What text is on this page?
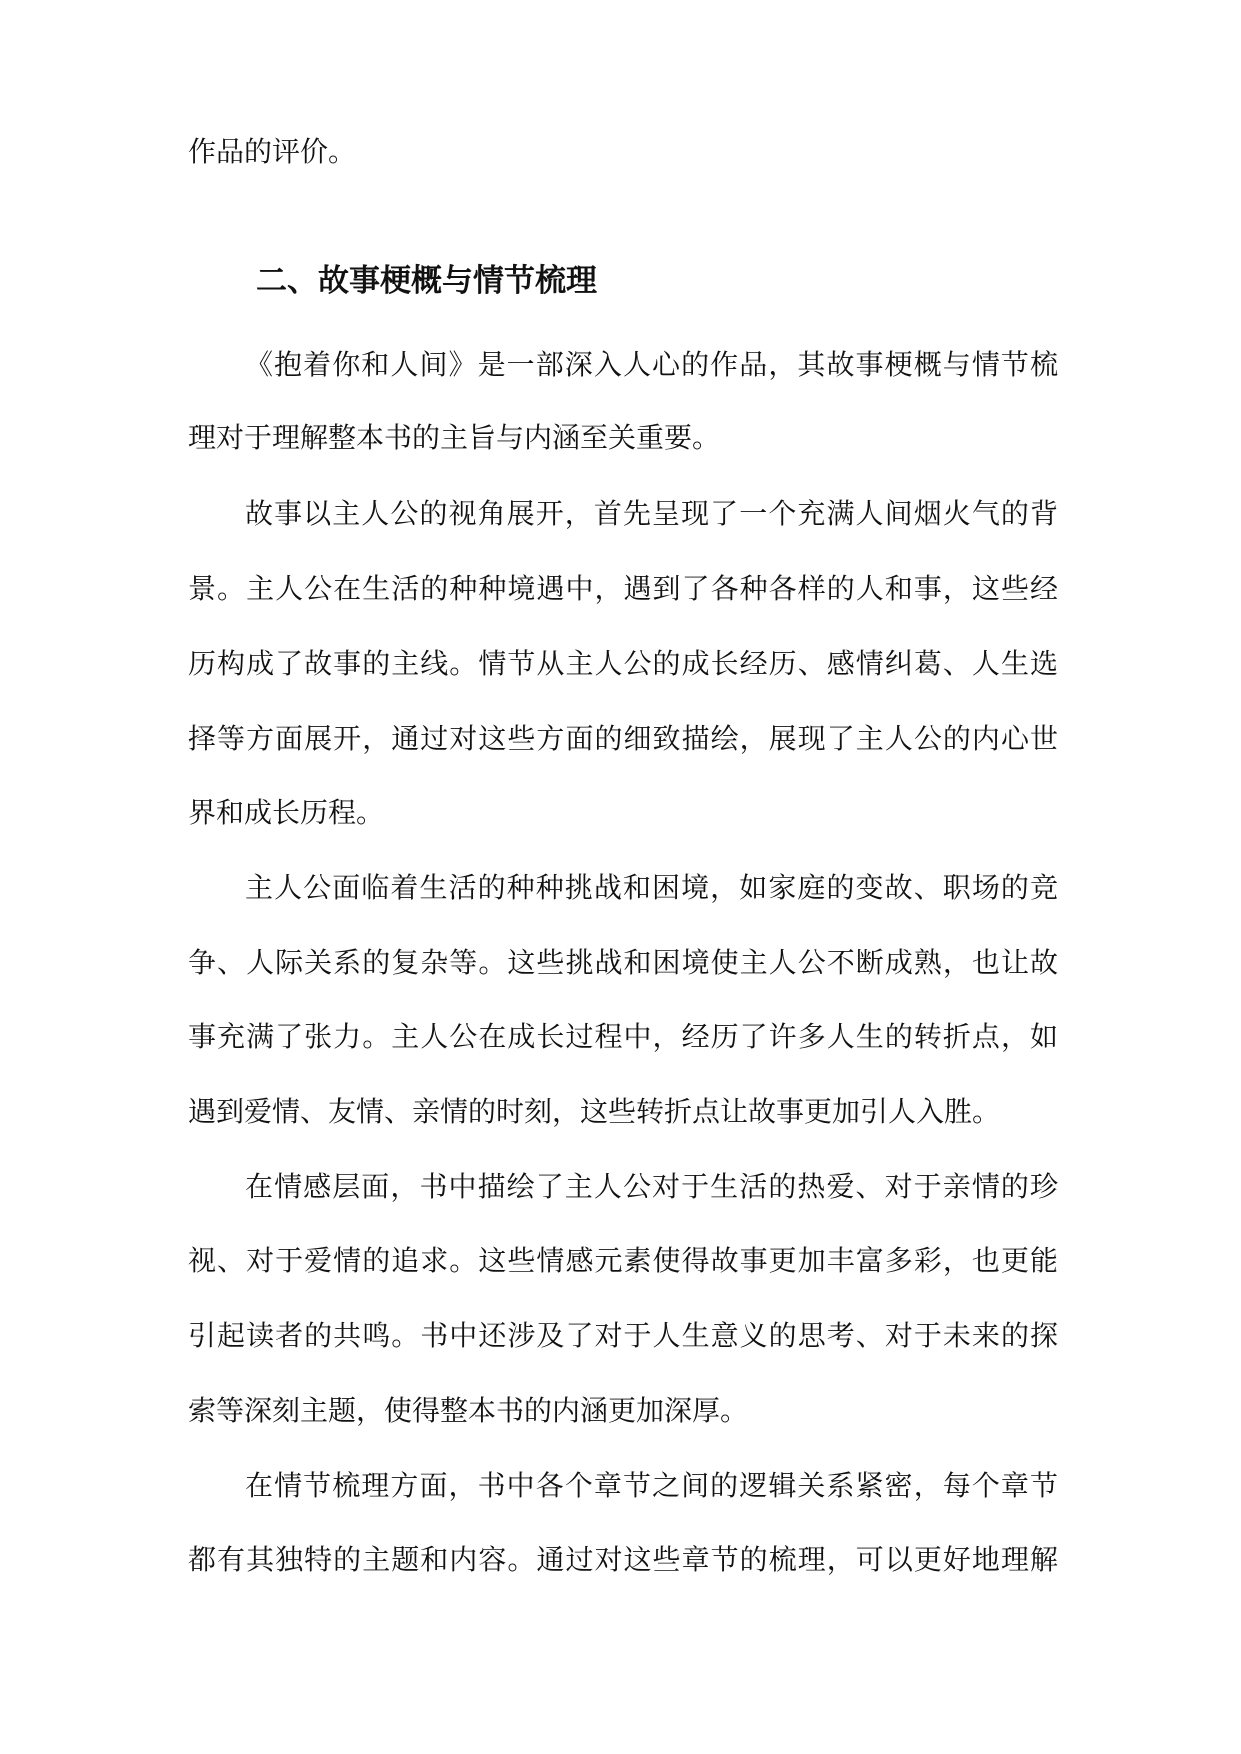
作品的评价。
二、故事梗概与情节梳理
《抱着你和人间》是一部深入人心的作品，其故事梗概与情节梳
理对于理解整本书的主旨与内涵至关重要。
故事以主人公的视角展开，首先呈现了一个充满人间烟火气的背
景。主人公在生活的种种境遇中，遇到了各种各样的人和事，这些经
历构成了故事的主线。情节从主人公的成长经历、感情纠葛、人生选
择等方面展开，通过对这些方面的细致描绘，展现了主人公的内心世
界和成长历程。
主人公面临着生活的种种挑战和困境，如家庭的变故、职场的竞
争、人际关系的复杂等。这些挑战和困境使主人公不断成熟，也让故
事充满了张力。主人公在成长过程中，经历了许多人生的转折点，如
遇到爱情、友情、亲情的时刻，这些转折点让故事更加引人入胜。
在情感层面，书中描绘了主人公对于生活的热爱、对于亲情的珍
视、对于爱情的追求。这些情感元素使得故事更加丰富多彩，也更能
引起读者的共鸣。书中还涉及了对于人生意义的思考、对于未来的探
索等深刻主题，使得整本书的内涵更加深厚。
在情节梳理方面，书中各个章节之间的逻辑关系紧密，每个章节
都有其独特的主题和内容。通过对这些章节的梳理，可以更好地理解
